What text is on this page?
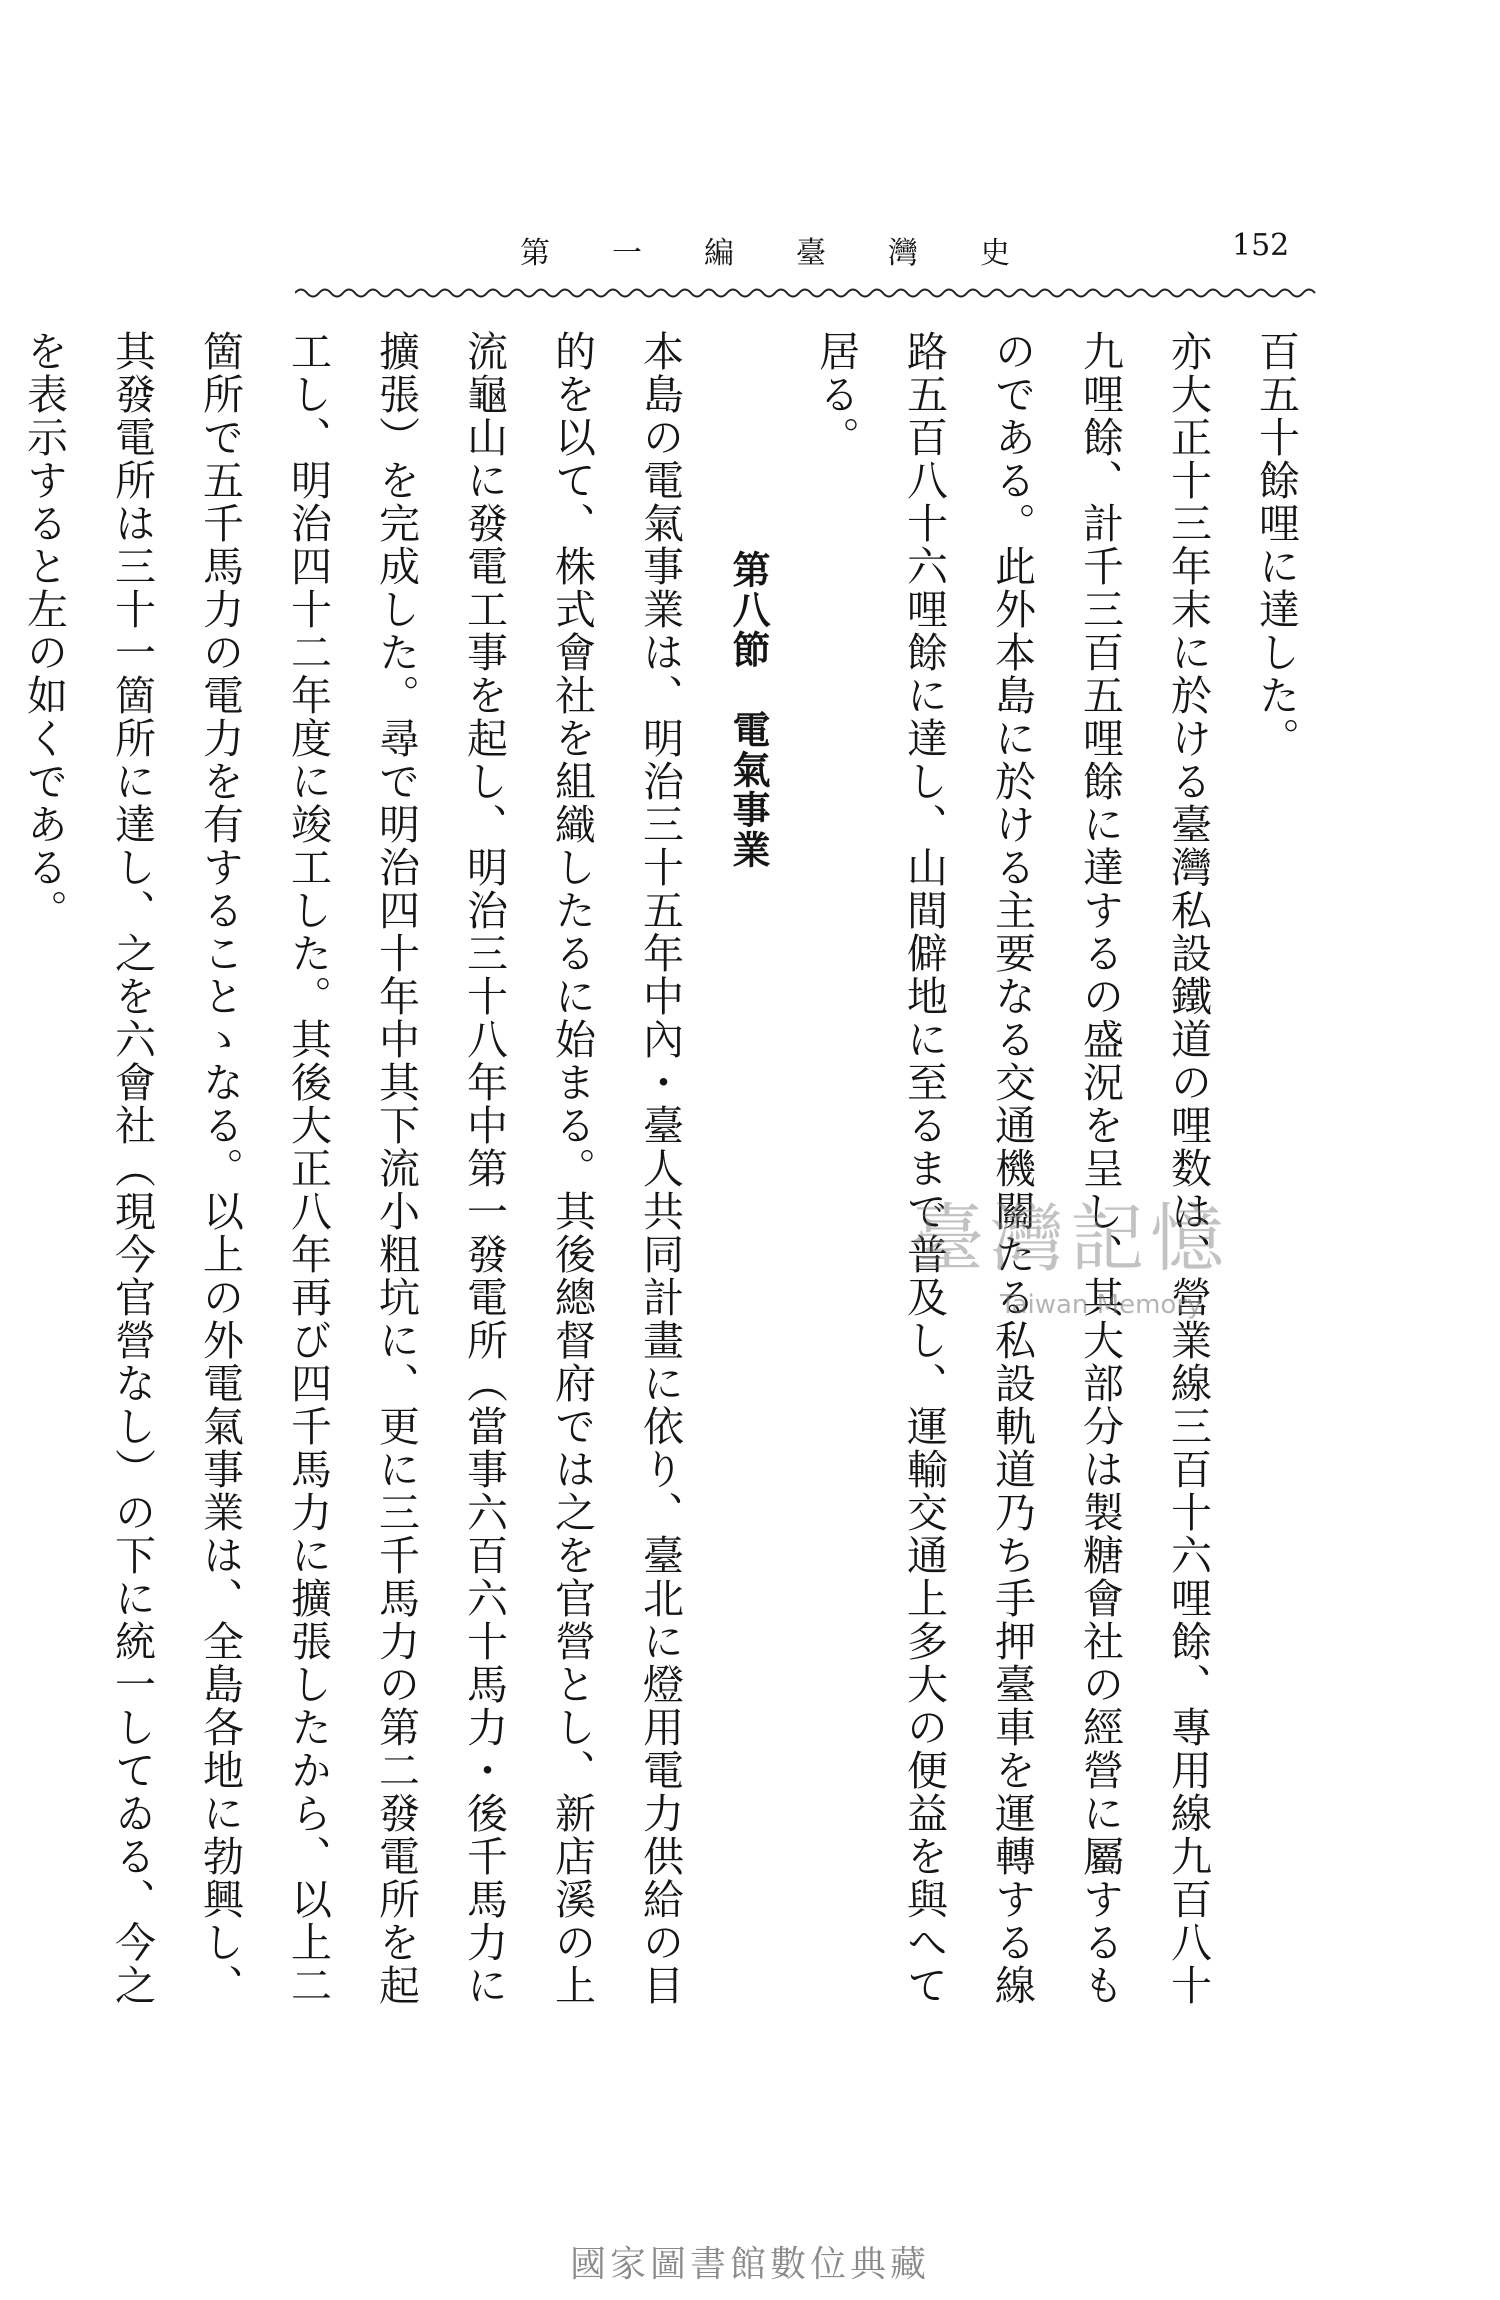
第一編臺灣史	152

百五十餘哩に達した。

亦大正十三年末に於ける臺灣私設鐵道の哩数は、營業線三百十六哩餘、專用線九百八十九哩餘、計千三百五哩餘に達するの盛況を呈し、其大部分は製糖會社の經營に屬するものである。此外本島に於ける主要なる交通機關たる私設軌道乃ち手押臺車を運轉する線路五百八十六哩餘に達し、山間僻地に至るまで普及し、運輸交通上多大の便益を與へて居る。

第八節　電氣事業

本島の電氣事業は、明治三十五年中內・臺人共同計畫に依り、臺北に燈用電力供給の目的を以て、株式會社を組織したるに始まる。其後總督府では之を官營とし、新店溪の上流龜山に發電工事を起し、明治三十八年中第一發電所（當事六百六十馬力・後千馬力に擴張）を完成した。尋で明治四十年中其下流小粗坑に、更に三千馬力の第二發電所を起工し、明治四十二年度に竣工した。其後大正八年再び四千馬力に擴張したから、以上二箇所で五千馬力の電力を有することゝなる。以上の外電氣事業は、全島各地に勃興し、其發電所は三十一箇所に達し、之を六會社（現今官營なし）の下に統一してゐる、今之を表示すると左の如くである。

臺灣記憶
Taiwan Memory
國家圖書館數位典藏
